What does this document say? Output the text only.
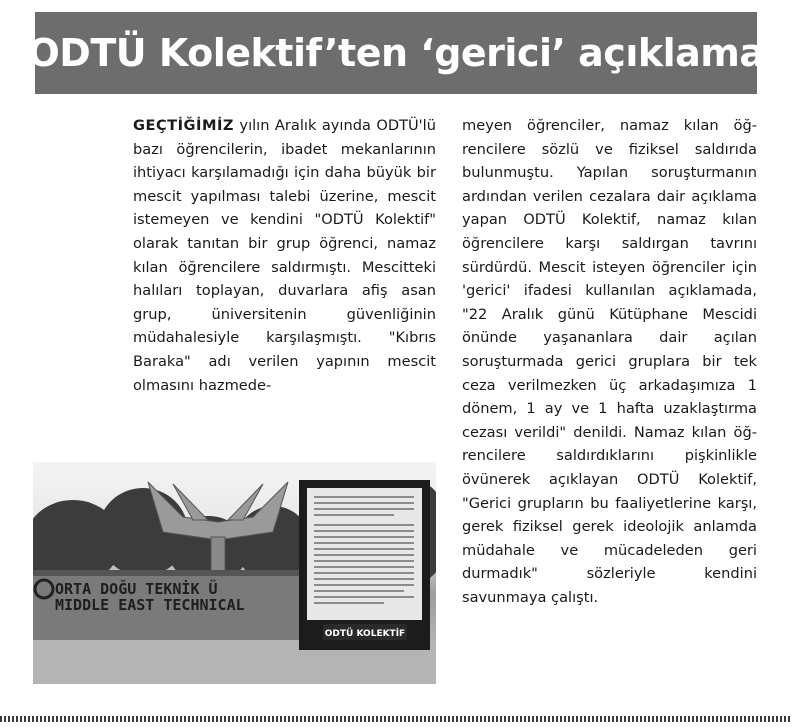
ODTÜ Kolektif’ten ‘gerici’ açıklama

GEÇTİĞİMİZ yılın Aralık ayında ODTÜ'lü bazı öğrencilerin, ibadet mekanlarının ihtiyacı karşılamadığı için daha büyük bir mescit yapılması talebi üzerine, mescit istemeyen ve kendini "ODTÜ Kolektif" olarak tanıtan bir grup öğrenci, namaz kılan öğrencilere saldırmıştı. Mescitteki halıları toplayan, duvarlara afiş asan grup, üniversitenin güvenliğinin müdahalesiyle karşılaşmıştı. "Kıbrıs Baraka" adı verilen yapının mescit olmasını hazmede-

meyen öğrenciler, namaz kılan öğrencilere sözlü ve fiziksel saldırıda bulunmuştu. Yapılan soruşturmanın ardından verilen cezalara dair açıklama yapan ODTÜ Kolektif, namaz kılan öğrencilere karşı saldırgan tavrını sürdürdü. Mescit isteyen öğrenciler için 'gerici' ifadesi kullanılan açıklamada, "22 Aralık günü Kütüphane Mescidi önünde yaşananlara dair açılan soruşturmada gerici gruplara bir tek ceza verilmezken üç arkadaşımıza 1 dönem, 1 ay ve 1 hafta uzaklaştırma cezası verildi" denildi. Namaz kılan öğrencilere saldırdıklarını pişkinlikle övünerek açıklayan ODTÜ Kolektif, "Gerici grupların bu faaliyetlerine karşı, gerek fiziksel gerek ideolojik anlamda müdahale ve mücadeleden geri durmadık" sözleriyle kendini savunmaya çalıştı.

ORTA DOĞU TEKNİK Ü
MIDDLE EAST TECHNICAL
ODTÜ KOLEKTİF
